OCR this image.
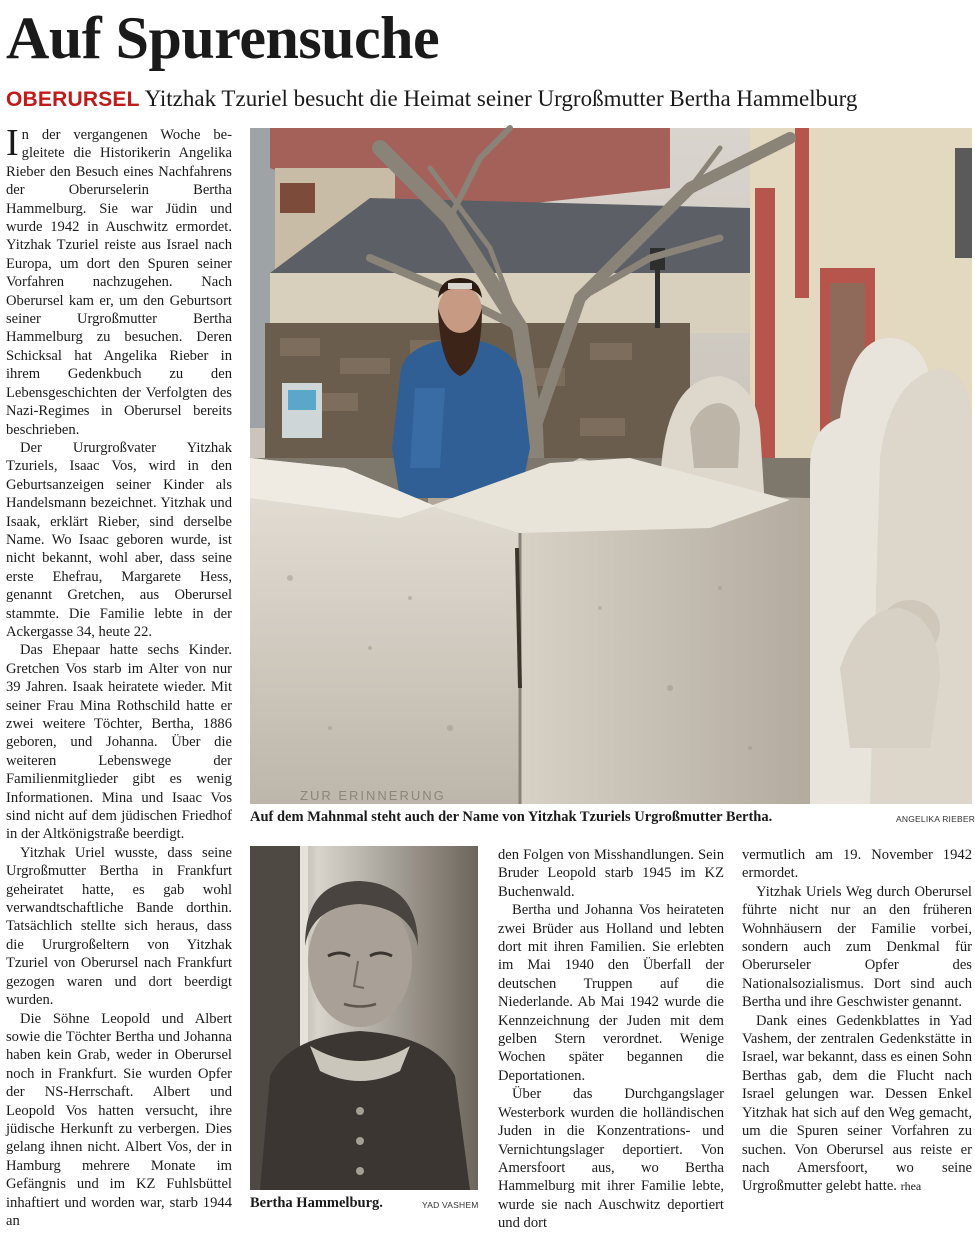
Auf Spurensuche
OBERURSEL Yitzhak Tzuriel besucht die Heimat seiner Urgroßmutter Bertha Hammelburg

In der vergangenen Woche begleitete die Historikerin Angelika Rieber den Besuch eines Nachfahrens der Oberurselerin Bertha Hammelburg. Sie war Jüdin und wurde 1942 in Auschwitz ermordet. Yitzhak Tzuriel reiste aus Israel nach Europa, um dort den Spuren seiner Vorfahren nachzugehen. Nach Oberursel kam er, um den Geburtsort seiner Urgroßmutter Bertha Hammelburg zu besuchen. Deren Schicksal hat Angelika Rieber in ihrem Gedenkbuch zu den Lebensgeschichten der Verfolgten des Nazi-Regimes in Oberursel bereits beschrieben.

Der Ururgroßvater Yitzhak Tzuriels, Isaac Vos, wird in den Geburtsanzeigen seiner Kinder als Handelsmann bezeichnet. Yitzhak und Isaak, erklärt Rieber, sind derselbe Name. Wo Isaac geboren wurde, ist nicht bekannt, wohl aber, dass seine erste Ehefrau, Margarete Hess, genannt Gretchen, aus Oberursel stammte. Die Familie lebte in der Ackergasse 34, heute 22.

Das Ehepaar hatte sechs Kinder. Gretchen Vos starb im Alter von nur 39 Jahren. Isaak heiratete wieder. Mit seiner Frau Mina Rothschild hatte er zwei weitere Töchter, Bertha, 1886 geboren, und Johanna. Über die weiteren Lebenswege der Familienmitglieder gibt es wenig Informationen. Mina und Isaac Vos sind nicht auf dem jüdischen Friedhof in der Altkönigstraße beerdigt.

Yitzhak Uriel wusste, dass seine Urgroßmutter Bertha in Frankfurt geheiratet hatte, es gab wohl verwandtschaftliche Bande dorthin. Tatsächlich stellte sich heraus, dass die Ururgroßeltern von Yitzhak Tzuriel von Oberursel nach Frankfurt gezogen waren und dort beerdigt wurden.

Die Söhne Leopold und Albert sowie die Töchter Bertha und Johanna haben kein Grab, weder in Oberursel noch in Frankfurt. Sie wurden Opfer der NS-Herrschaft. Albert und Leopold Vos hatten versucht, ihre jüdische Herkunft zu verbergen. Dies gelang ihnen nicht. Albert Vos, der in Hamburg mehrere Monate im Gefängnis und im KZ Fuhlsbüttel inhaftiert und worden war, starb 1944 an

ZUR ERINNERUNG
Auf dem Mahnmal steht auch der Name von Yitzhak Tzuriels Urgroßmutter Bertha.	ANGELIKA RIEBER
Bertha Hammelburg.	YAD VASHEM

den Folgen von Misshandlungen. Sein Bruder Leopold starb 1945 im KZ Buchenwald.

Bertha und Johanna Vos heirateten zwei Brüder aus Holland und lebten dort mit ihren Familien. Sie erlebten im Mai 1940 den Überfall der deutschen Truppen auf die Niederlande. Ab Mai 1942 wurde die Kennzeichnung der Juden mit dem gelben Stern verordnet. Wenige Wochen später begannen die Deportationen.

Über das Durchgangslager Westerbork wurden die holländischen Juden in die Konzentrations- und Vernichtungslager deportiert. Von Amersfoort aus, wo Bertha Hammelburg mit ihrer Familie lebte, wurde sie nach Auschwitz deportiert und dort

vermutlich am 19. November 1942 ermordet.

Yitzhak Uriels Weg durch Oberursel führte nicht nur an den früheren Wohnhäusern der Familie vorbei, sondern auch zum Denkmal für Oberurseler Opfer des Nationalsozialismus. Dort sind auch Bertha und ihre Geschwister genannt.

Dank eines Gedenkblattes in Yad Vashem, der zentralen Gedenkstätte in Israel, war bekannt, dass es einen Sohn Berthas gab, dem die Flucht nach Israel gelungen war. Dessen Enkel Yitzhak hat sich auf den Weg gemacht, um die Spuren seiner Vorfahren zu suchen. Von Oberursel aus reiste er nach Amersfoort, wo seine Urgroßmutter gelebt hatte. rhea
